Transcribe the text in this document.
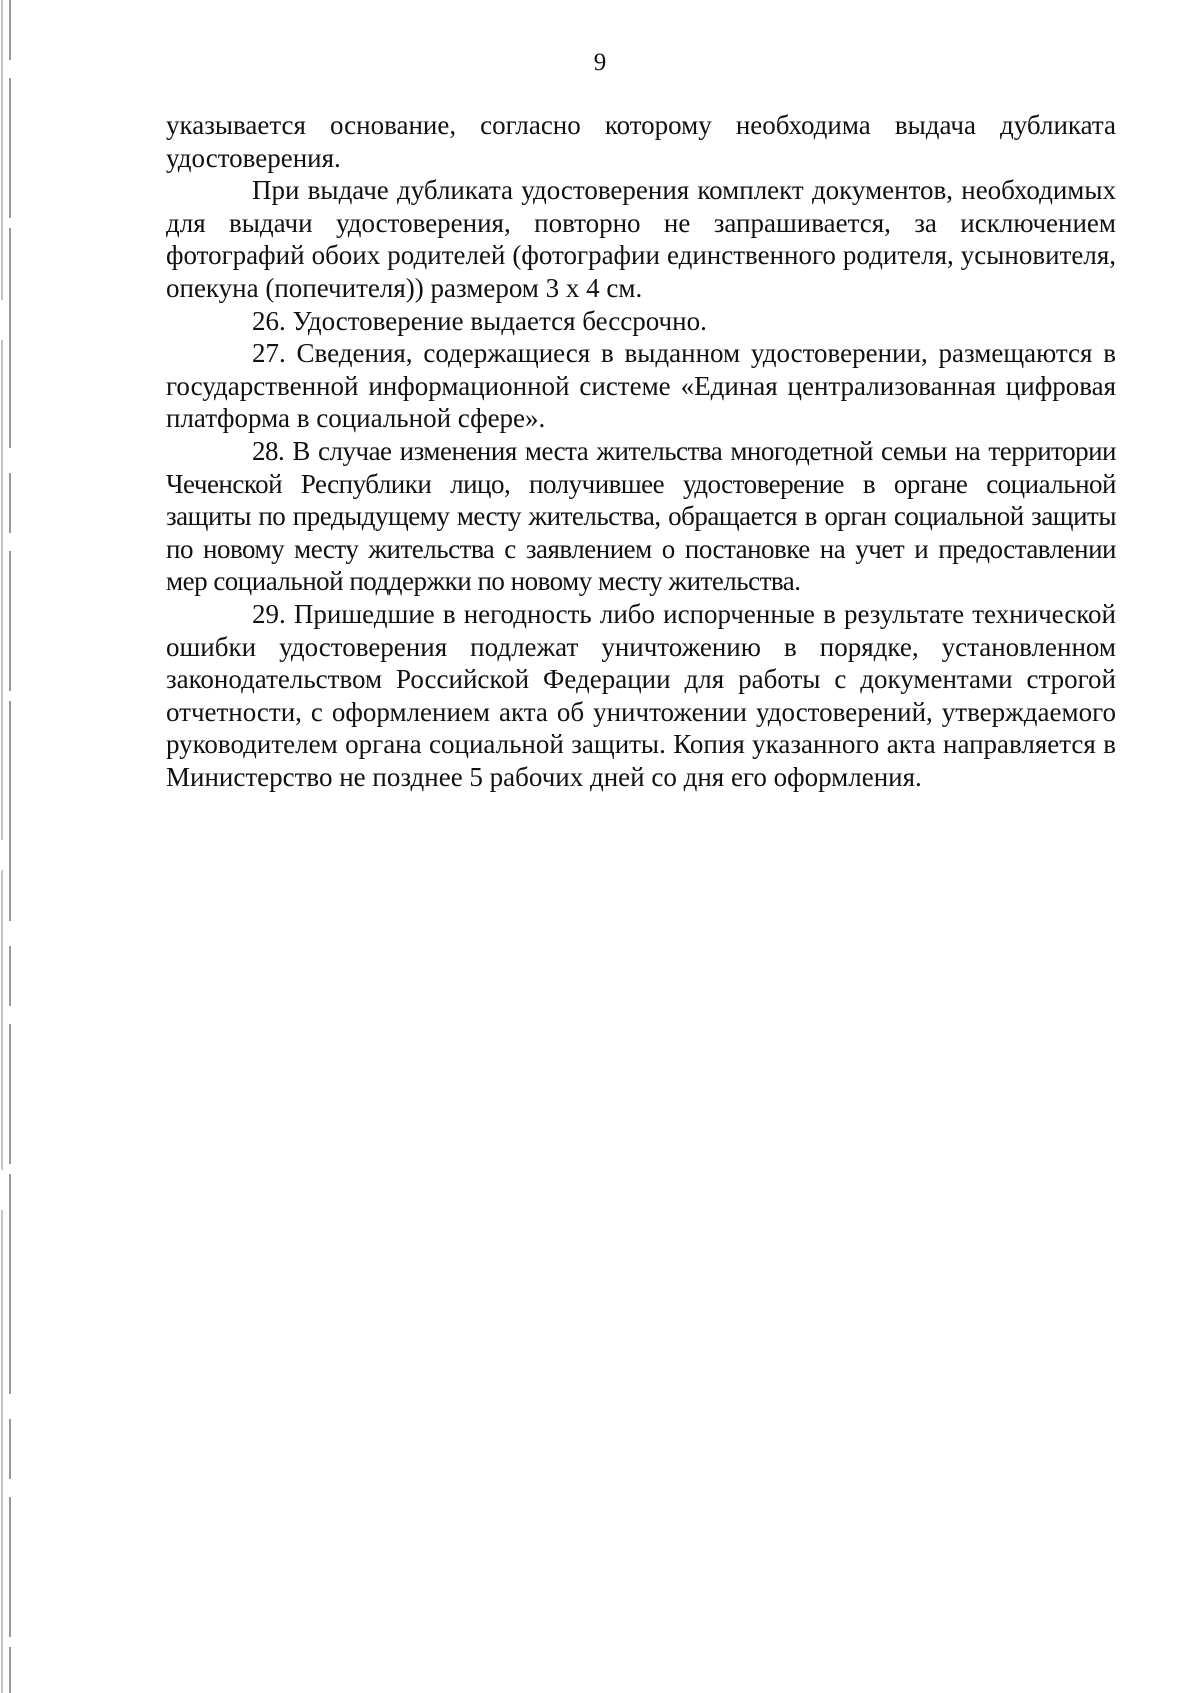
9

указывается основание, согласно которому необходима выдача дубликата удостоверения.

При выдаче дубликата удостоверения комплект документов, необходимых для выдачи удостоверения, повторно не запрашивается, за исключением фотографий обоих родителей (фотографии единственного родителя, усыновителя, опекуна (попечителя)) размером 3 х 4 см.

26. Удостоверение выдается бессрочно.

27. Сведения, содержащиеся в выданном удостоверении, размещаются в государственной информационной системе «Единая централизованная цифровая платформа в социальной сфере».

28. В случае изменения места жительства многодетной семьи на территории Чеченской Республики лицо, получившее удостоверение в органе социальной защиты по предыдущему месту жительства, обращается в орган социальной защиты по новому месту жительства с заявлением о постановке на учет и предоставлении мер социальной поддержки по новому месту жительства.

29. Пришедшие в негодность либо испорченные в результате технической ошибки удостоверения подлежат уничтожению в порядке, установленном законодательством Российской Федерации для работы с документами строгой отчетности, с оформлением акта об уничтожении удостоверений, утверждаемого руководителем органа социальной защиты. Копия указанного акта направляется в Министерство не позднее 5 рабочих дней со дня его оформления.
